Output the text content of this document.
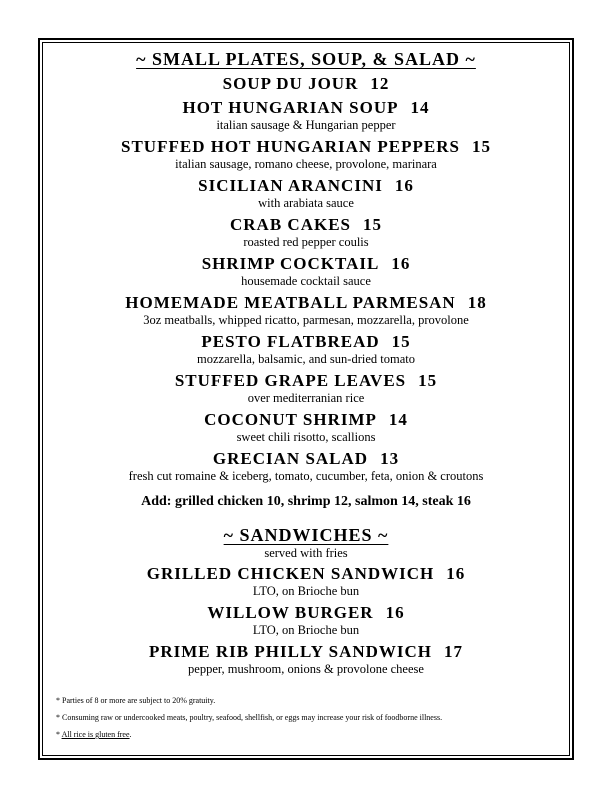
~ SMALL PLATES, SOUP, & SALAD ~
SOUP DU JOUR 12
HOT HUNGARIAN SOUP 14
italian sausage & Hungarian pepper
STUFFED HOT HUNGARIAN PEPPERS 15
italian sausage, romano cheese, provolone, marinara
SICILIAN ARANCINI 16
with arabiata sauce
CRAB CAKES 15
roasted red pepper coulis
SHRIMP COCKTAIL 16
housemade cocktail sauce
HOMEMADE MEATBALL PARMESAN 18
3oz meatballs, whipped ricatto, parmesan, mozzarella, provolone
PESTO FLATBREAD 15
mozzarella, balsamic, and sun-dried tomato
STUFFED GRAPE LEAVES 15
over mediterranian rice
COCONUT SHRIMP 14
sweet chili risotto, scallions
GRECIAN SALAD 13
fresh cut romaine & iceberg, tomato, cucumber, feta, onion & croutons
Add: grilled chicken 10, shrimp 12, salmon 14, steak 16
~ SANDWICHES ~
served with fries
GRILLED CHICKEN SANDWICH 16
LTO, on Brioche bun
WILLOW BURGER 16
LTO, on Brioche bun
PRIME RIB PHILLY SANDWICH 17
pepper, mushroom, onions & provolone cheese
* Parties of 8 or more are subject to 20% gratuity.
* Consuming raw or undercooked meats, poultry, seafood, shellfish, or eggs may increase your risk of foodborne illness.
* All rice is gluten free.
